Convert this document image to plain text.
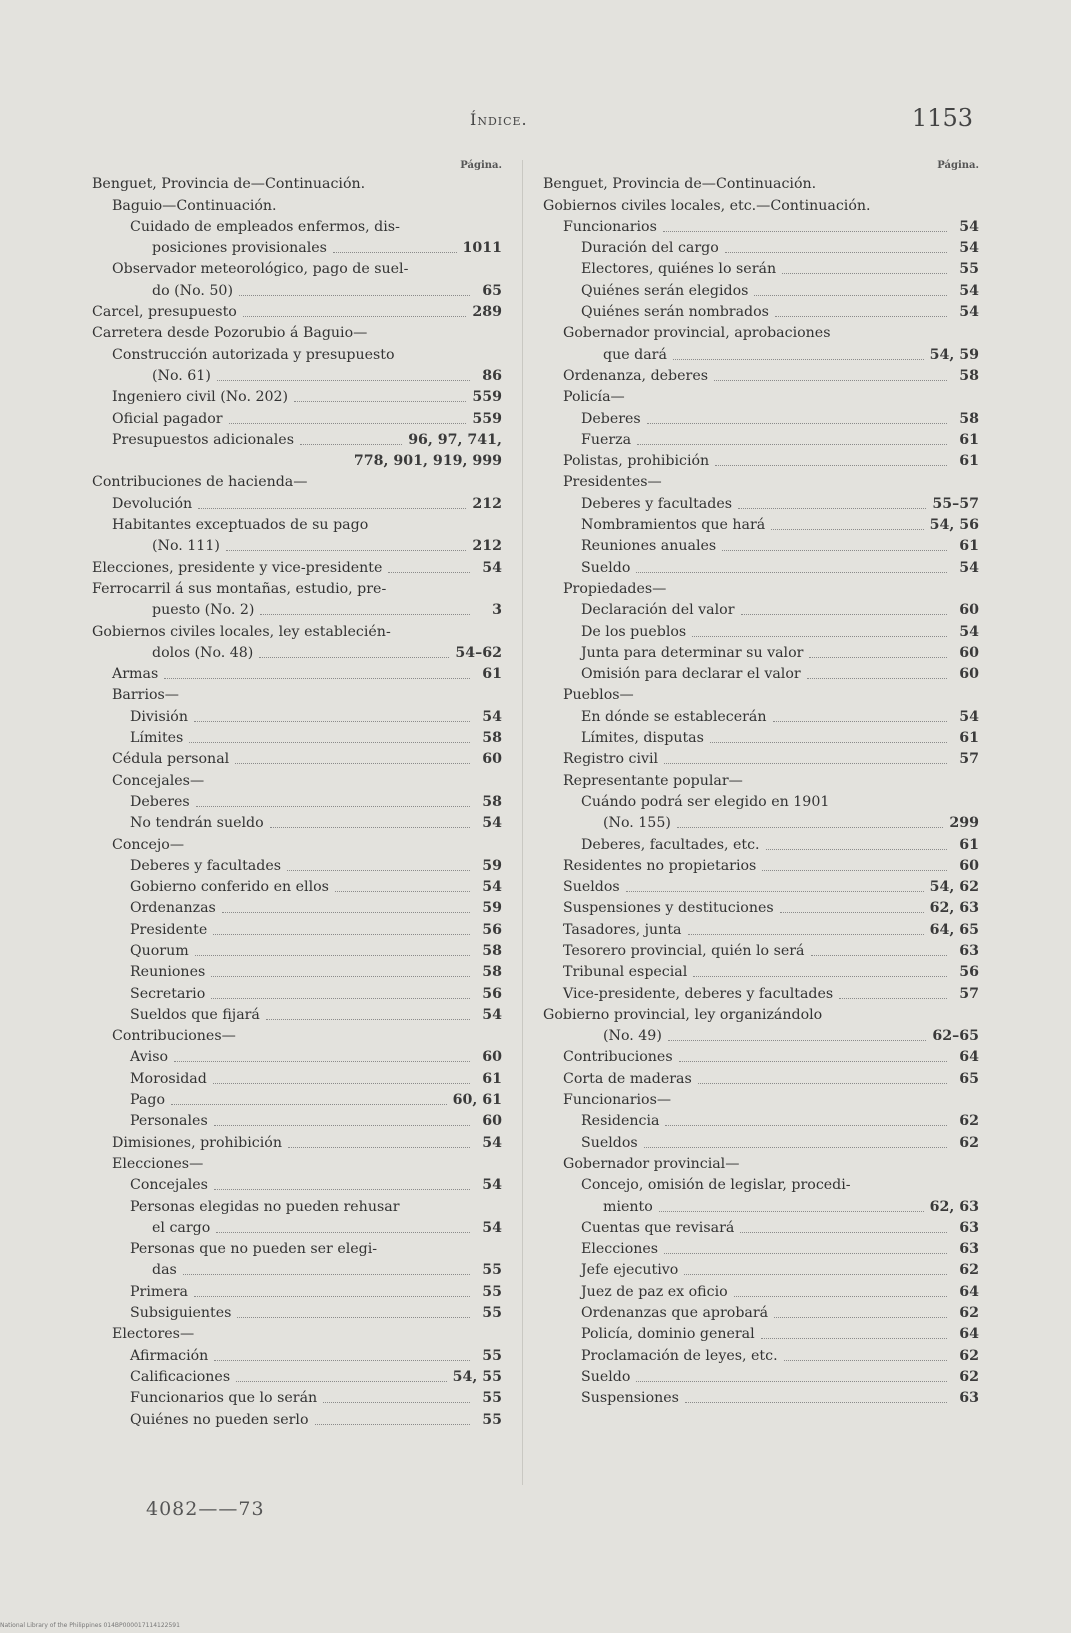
Índice.	1153
Página.
Benguet, Provincia de—Continuación.
Baguio—Continuación.
Cuidado de empleados enfermos, dis-
posiciones provisionales	1011
Observador meteorológico, pago de suel-
do (No. 50)	65
Carcel, presupuesto	289
Carretera desde Pozorubio á Baguio—
Construcción autorizada y presupuesto
(No. 61)	86
Ingeniero civil (No. 202)	559
Oficial pagador	559
Presupuestos adicionales	96, 97, 741,
778, 901, 919, 999
Contribuciones de hacienda—
Devolución	212
Habitantes exceptuados de su pago
(No. 111)	212
Elecciones, presidente y vice-presidente	54
Ferrocarril á sus montañas, estudio, pre-
puesto (No. 2)	3
Gobiernos civiles locales, ley establecién-
dolos (No. 48)	54–62
Armas	61
Barrios—
División	54
Límites	58
Cédula personal	60
Concejales—
Deberes	58
No tendrán sueldo	54
Concejo—
Deberes y facultades	59
Gobierno conferido en ellos	54
Ordenanzas	59
Presidente	56
Quorum	58
Reuniones	58
Secretario	56
Sueldos que fijará	54
Contribuciones—
Aviso	60
Morosidad	61
Pago	60, 61
Personales	60
Dimisiones, prohibición	54
Elecciones—
Concejales	54
Personas elegidas no pueden rehusar
el cargo	54
Personas que no pueden ser elegi-
das	55
Primera	55
Subsiguientes	55
Electores—
Afirmación	55
Calificaciones	54, 55
Funcionarios que lo serán	55
Quiénes no pueden serlo	55
Página.
Benguet, Provincia de—Continuación.
Gobiernos civiles locales, etc.—Continuación.
Funcionarios	54
Duración del cargo	54
Electores, quiénes lo serán	55
Quiénes serán elegidos	54
Quiénes serán nombrados	54
Gobernador provincial, aprobaciones
que dará	54, 59
Ordenanza, deberes	58
Policía—
Deberes	58
Fuerza	61
Polistas, prohibición	61
Presidentes—
Deberes y facultades	55–57
Nombramientos que hará	54, 56
Reuniones anuales	61
Sueldo	54
Propiedades—
Declaración del valor	60
De los pueblos	54
Junta para determinar su valor	60
Omisión para declarar el valor	60
Pueblos—
En dónde se establecerán	54
Límites, disputas	61
Registro civil	57
Representante popular—
Cuándo podrá ser elegido en 1901
(No. 155)	299
Deberes, facultades, etc.	61
Residentes no propietarios	60
Sueldos	54, 62
Suspensiones y destituciones	62, 63
Tasadores, junta	64, 65
Tesorero provincial, quién lo será	63
Tribunal especial	56
Vice-presidente, deberes y facultades	57
Gobierno provincial, ley organizándolo
(No. 49)	62–65
Contribuciones	64
Corta de maderas	65
Funcionarios—
Residencia	62
Sueldos	62
Gobernador provincial—
Concejo, omisión de legislar, procedi-
miento	62, 63
Cuentas que revisará	63
Elecciones	63
Jefe ejecutivo	62
Juez de paz ex oficio	64
Ordenanzas que aprobará	62
Policía, dominio general	64
Proclamación de leyes, etc.	62
Sueldo	62
Suspensiones	63
4082——73
National Library of the Philippines 014BP000017114122591
